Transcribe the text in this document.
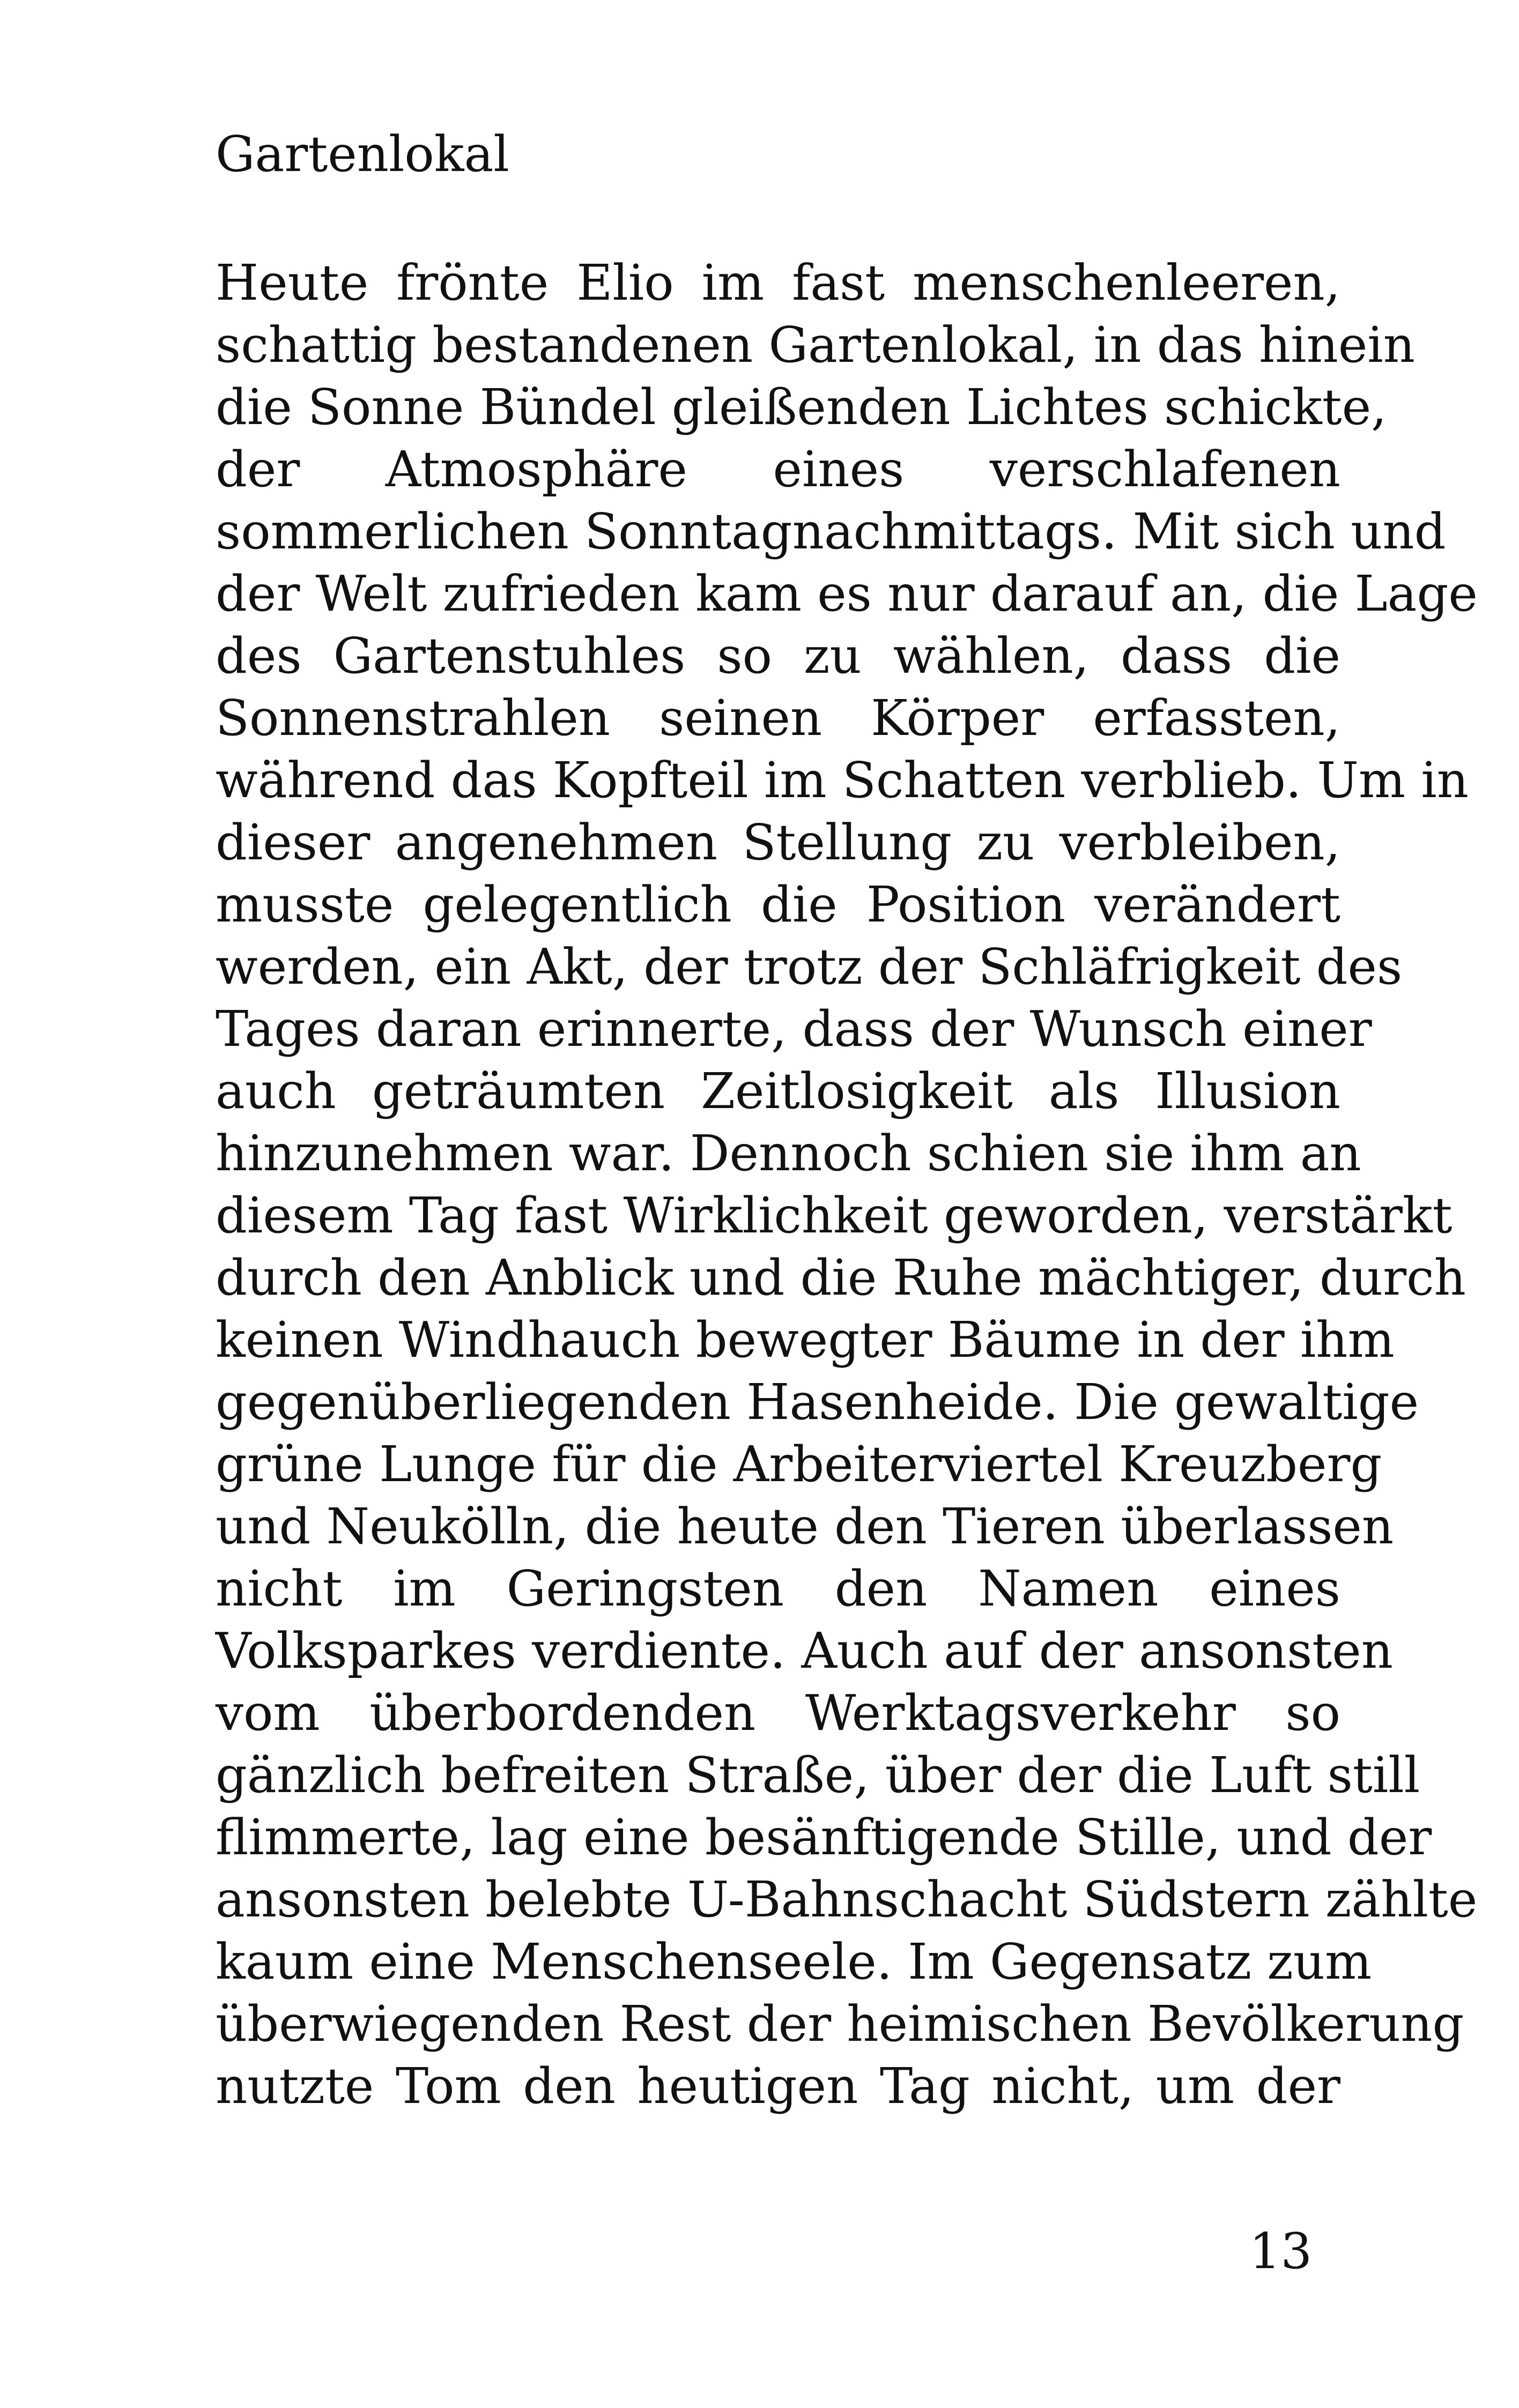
Gartenlokal
Heute frönte Elio im fast menschenleeren,
schattig bestandenen Gartenlokal, in das hinein
die Sonne Bündel gleißenden Lichtes schickte,
der Atmosphäre eines verschlafenen
sommerlichen Sonntagnachmittags. Mit sich und
der Welt zufrieden kam es nur darauf an, die Lage
des Gartenstuhles so zu wählen, dass die
Sonnenstrahlen seinen Körper erfassten,
während das Kopfteil im Schatten verblieb. Um in
dieser angenehmen Stellung zu verbleiben,
musste gelegentlich die Position verändert
werden, ein Akt, der trotz der Schläfrigkeit des
Tages daran erinnerte, dass der Wunsch einer
auch geträumten Zeitlosigkeit als Illusion
hinzunehmen war. Dennoch schien sie ihm an
diesem Tag fast Wirklichkeit geworden, verstärkt
durch den Anblick und die Ruhe mächtiger, durch
keinen Windhauch bewegter Bäume in der ihm
gegenüberliegenden Hasenheide. Die gewaltige
grüne Lunge für die Arbeiterviertel Kreuzberg
und Neukölln, die heute den Tieren überlassen
nicht im Geringsten den Namen eines
Volksparkes verdiente. Auch auf der ansonsten
vom überbordenden Werktagsverkehr so
gänzlich befreiten Straße, über der die Luft still
flimmerte, lag eine besänftigende Stille, und der
ansonsten belebte U-Bahnschacht Südstern zählte
kaum eine Menschenseele. Im Gegensatz zum
überwiegenden Rest der heimischen Bevölkerung
nutzte Tom den heutigen Tag nicht, um der
13
